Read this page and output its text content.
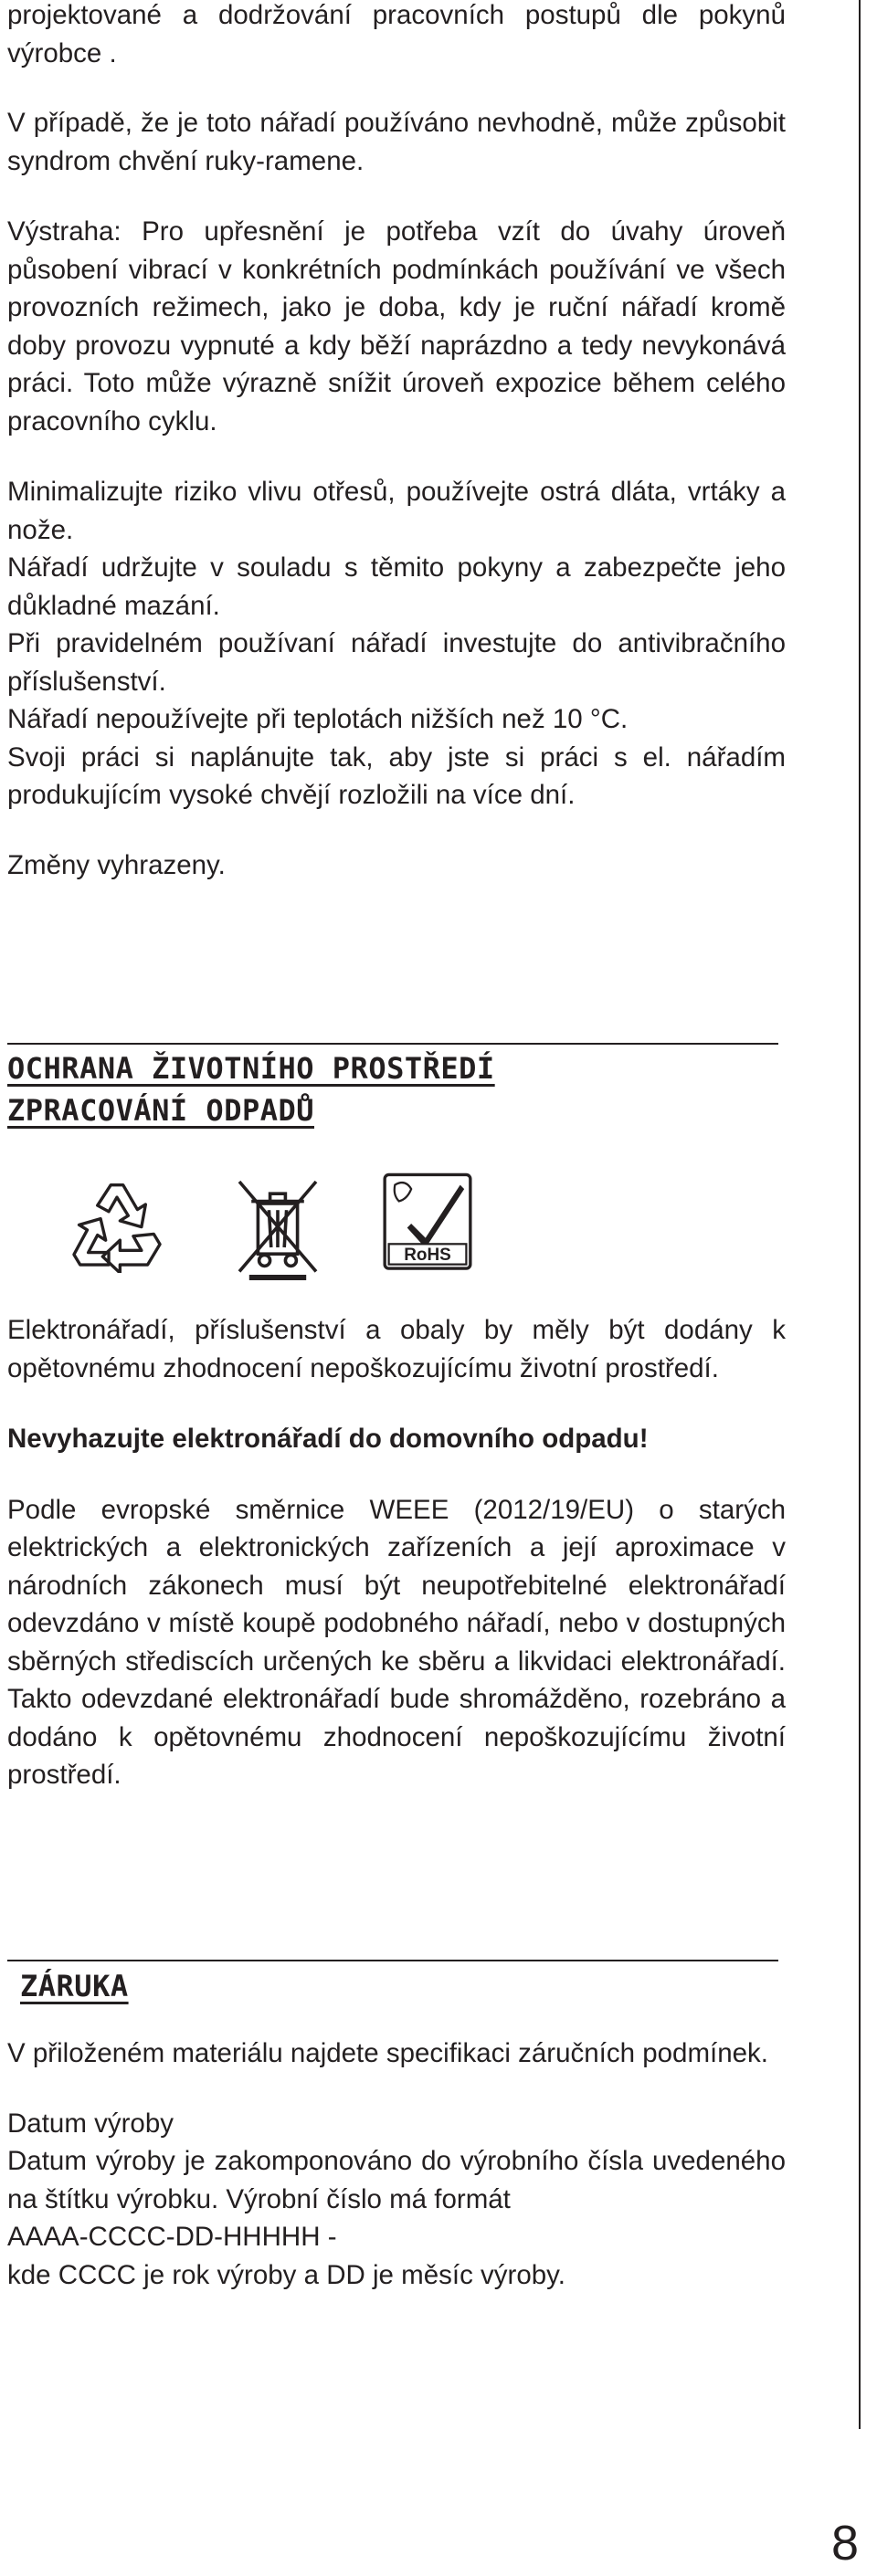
projektované a dodržování pracovních postupů dle pokynů výrobce .

V případě, že je toto nářadí používáno nevhodně, může způsobit syndrom chvění ruky-ramene.

Výstraha: Pro upřesnění je potřeba vzít do úvahy úroveň působení vibrací v konkrétních podmínkách používání ve všech provozních režimech, jako je doba, kdy je ruční nářadí kromě doby provozu vypnuté a kdy běží naprázdno a tedy nevykonává práci. Toto může výrazně snížit úroveň expozice během celého pracovního cyklu.

Minimalizujte riziko vlivu otřesů, používejte ostrá dláta, vrtáky a nože.

Nářadí udržujte v souladu s těmito pokyny a zabezpečte jeho důkladné mazání.

Při pravidelném používaní nářadí investujte do antivibračního příslušenství.

Nářadí nepoužívejte při teplotách nižších než 10 °C.

Svoji práci si naplánujte tak, aby jste si práci s el. nářadím produkujícím vysoké chvějí rozložili na více dní.

Změny vyhrazeny.

OCHRANA ŽIVOTNÍHO PROSTŘEDÍ

ZPRACOVÁNÍ ODPADŮ

RoHS

Elektronářadí, příslušenství a obaly by měly být dodány k opětovnému zhodnocení nepoškozujícímu životní prostředí.

Nevyhazujte elektronářadí do domovního odpadu!

Podle evropské směrnice WEEE (2012/19/EU) o starých elektrických a elektronických zařízeních a její aproximace v národních zákonech musí být neupotřebitelné elektronářadí odevzdáno v místě koupě podobného nářadí, nebo v dostupných sběrných střediscích určených ke sběru a likvidaci elektronářadí. Takto odevzdané elektronářadí bude shromážděno, rozebráno a dodáno k opětovnému zhodnocení nepoškozujícímu životní prostředí.

ZÁRUKA

V přiloženém materiálu najdete specifikaci záručních podmínek.

Datum výroby

Datum výroby je zakomponováno do výrobního čísla uvedeného na štítku výrobku. Výrobní číslo má formát
AAAA-CCCC-DD-HHHHH -
kde CCCC je rok výroby a DD je měsíc výroby.

8
